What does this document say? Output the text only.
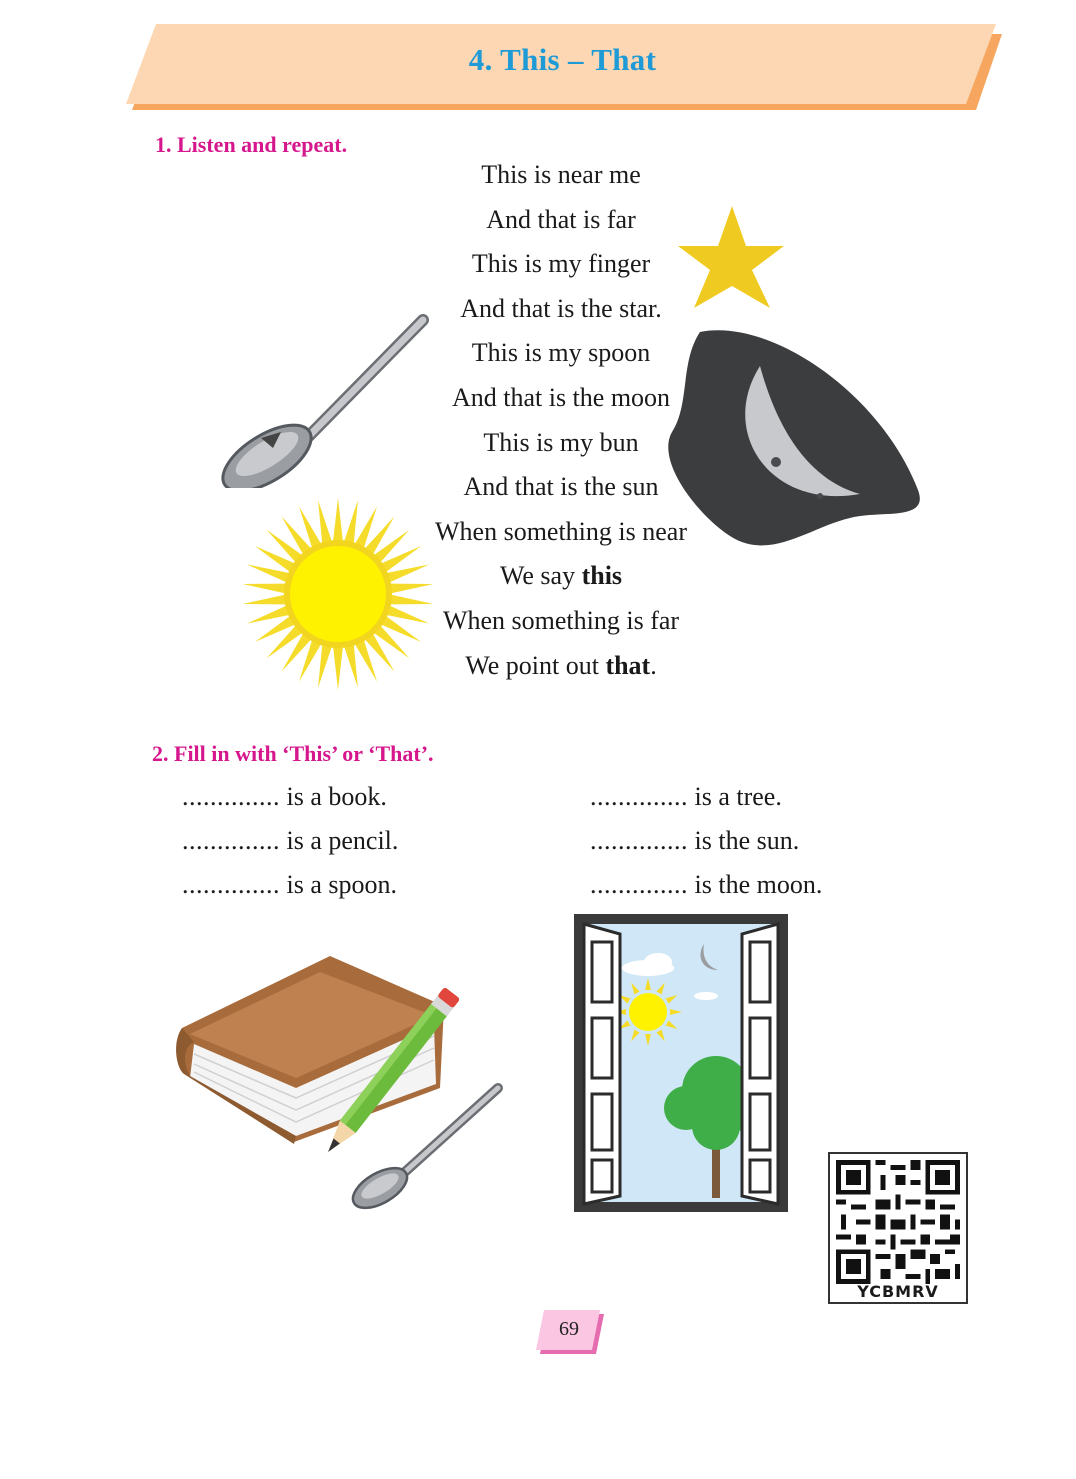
4. This – That
1. Listen and repeat.
This is near me
And that is far
This is my finger
And that is the star.
This is my spoon
And that is the moon
This is my bun
And that is the sun
When something is near
We say this
When something is far
We point out that.
2. Fill in with ‘This’ or ‘That’.
.............. is a book.
.............. is a pencil.
.............. is a spoon.
.............. is a tree.
.............. is the sun.
.............. is the moon.
YCBMRV
69
